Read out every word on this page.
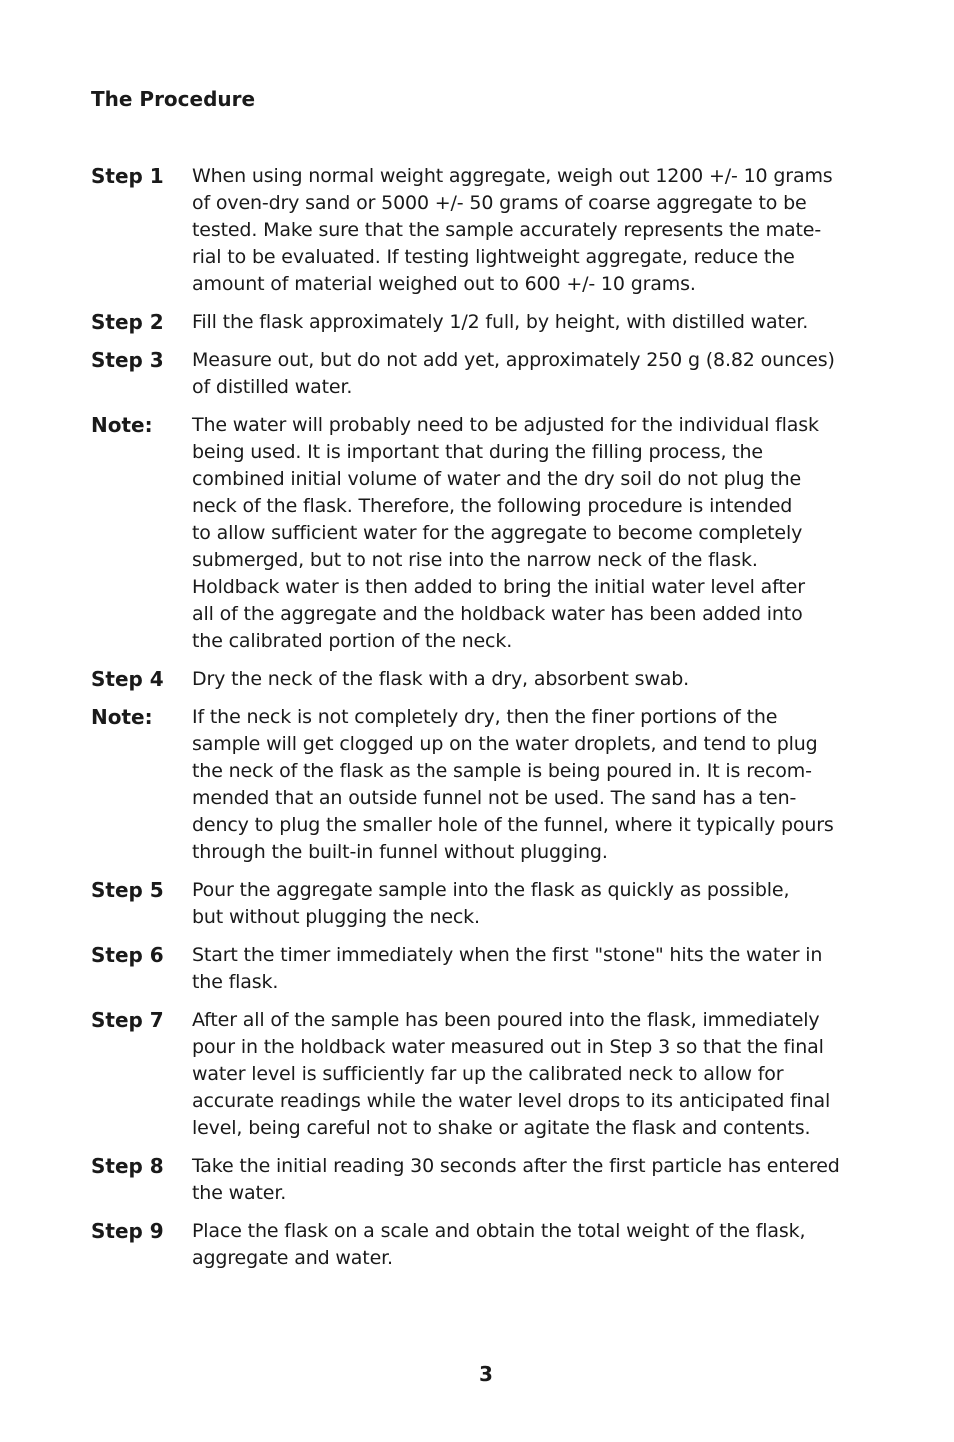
The Procedure
Step 1	When using normal weight aggregate, weigh out 1200 +/- 10 grams
of oven-dry sand or 5000 +/- 50 grams of coarse aggregate to be
tested. Make sure that the sample accurately represents the mate-
rial to be evaluated. If testing lightweight aggregate, reduce the
amount of material weighed out to 600 +/- 10 grams.
Step 2	Fill the flask approximately 1/2 full, by height, with distilled water.
Step 3	Measure out, but do not add yet, approximately 250 g (8.82 ounces)
of distilled water.
Note:	The water will probably need to be adjusted for the individual flask
being used. It is important that during the filling process, the
combined initial volume of water and the dry soil do not plug the
neck of the flask. Therefore, the following procedure is intended
to allow sufficient water for the aggregate to become completely
submerged, but to not rise into the narrow neck of the flask.
Holdback water is then added to bring the initial water level after
all of the aggregate and the holdback water has been added into
the calibrated portion of the neck.
Step 4	Dry the neck of the flask with a dry, absorbent swab.
Note:	If the neck is not completely dry, then the finer portions of the
sample will get clogged up on the water droplets, and tend to plug
the neck of the flask as the sample is being poured in. It is recom-
mended that an outside funnel not be used. The sand has a ten-
dency to plug the smaller hole of the funnel, where it typically pours
through the built-in funnel without plugging.
Step 5	Pour the aggregate sample into the flask as quickly as possible,
but without plugging the neck.
Step 6	Start the timer immediately when the first "stone" hits the water in
the flask.
Step 7	After all of the sample has been poured into the flask, immediately
pour in the holdback water measured out in Step 3 so that the final
water level is sufficiently far up the calibrated neck to allow for
accurate readings while the water level drops to its anticipated final
level, being careful not to shake or agitate the flask and contents.
Step 8	Take the initial reading 30 seconds after the first particle has entered
the water.
Step 9	Place the flask on a scale and obtain the total weight of the flask,
aggregate and water.
3
